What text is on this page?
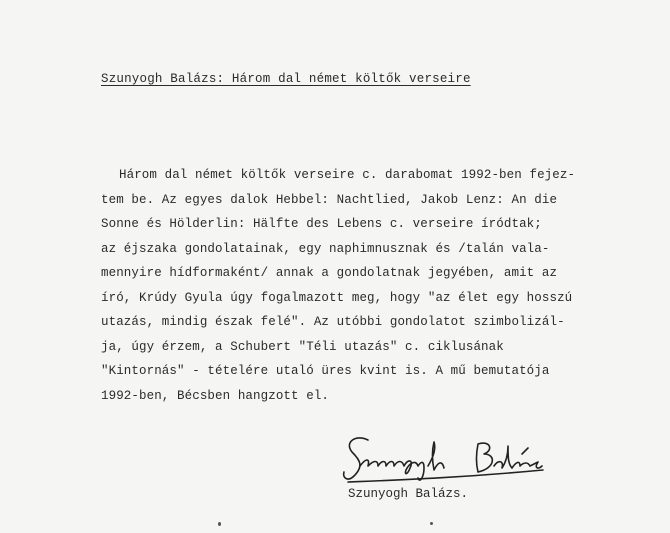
Szunyogh Balázs: Három dal német költők verseire
Három dal német költők verseire c. darabomat 1992-ben fejez-
tem be. Az egyes dalok Hebbel: Nachtlied, Jakob Lenz: An die
Sonne és Hölderlin: Hälfte des Lebens c. verseire íródtak;
az éjszaka gondolatainak, egy naphimnusznak és /talán vala-
mennyire hídformaként/ annak a gondolatnak jegyében, amit az
író, Krúdy Gyula úgy fogalmazott meg, hogy "az élet egy hosszú
utazás, mindig észak felé". Az utóbbi gondolatot szimbolizál-
ja, úgy érzem, a Schubert "Téli utazás" c. ciklusának
"Kintornás" - tételére utaló üres kvint is. A mű bemutatója
1992-ben, Bécsben hangzott el.
Szunyogh Balázs.
